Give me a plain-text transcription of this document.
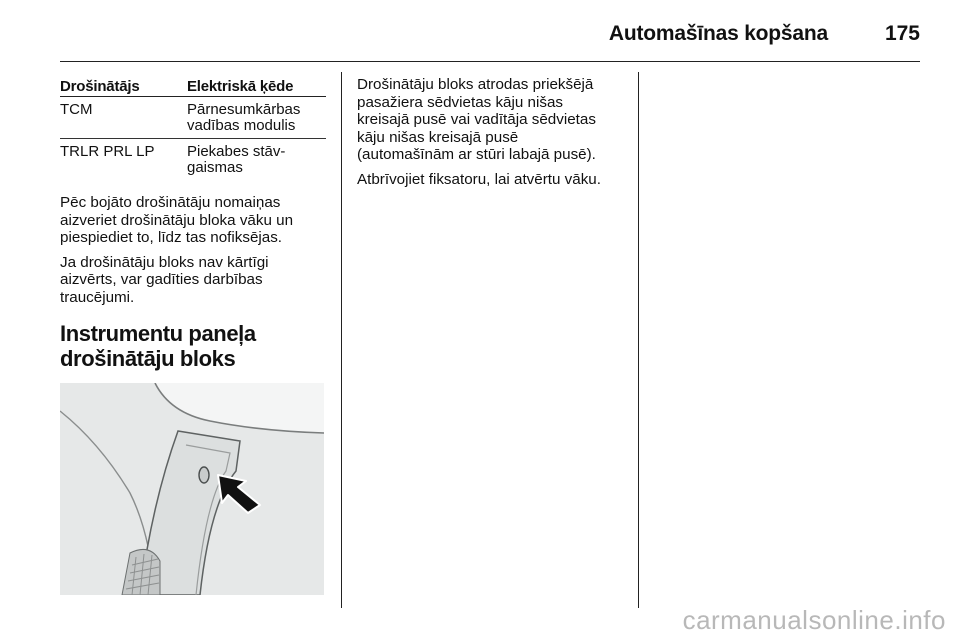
Automašīnas kopšana	175
Drošinātājs	Elektriskā ķēde
TCM	Pārnesumkārbas
vadības modulis
TRLR PRL LP	Piekabes stāv-
gaismas

Pēc bojāto drošinātāju nomaiņas
aizveriet drošinātāju bloka vāku un
piespiediet to, līdz tas nofiksējas.

Ja drošinātāju bloks nav kārtīgi
aizvērts, var gadīties darbības
traucējumi.

Instrumentu paneļa
drošinātāju bloks

Drošinātāju bloks atrodas priekšējā
pasažiera sēdvietas kāju nišas
kreisajā pusē vai vadītāja sēdvietas
kāju nišas kreisajā pusē
(automašīnām ar stūri labajā pusē).

Atbrīvojiet fiksatoru, lai atvērtu vāku.

carmanualsonline.info
